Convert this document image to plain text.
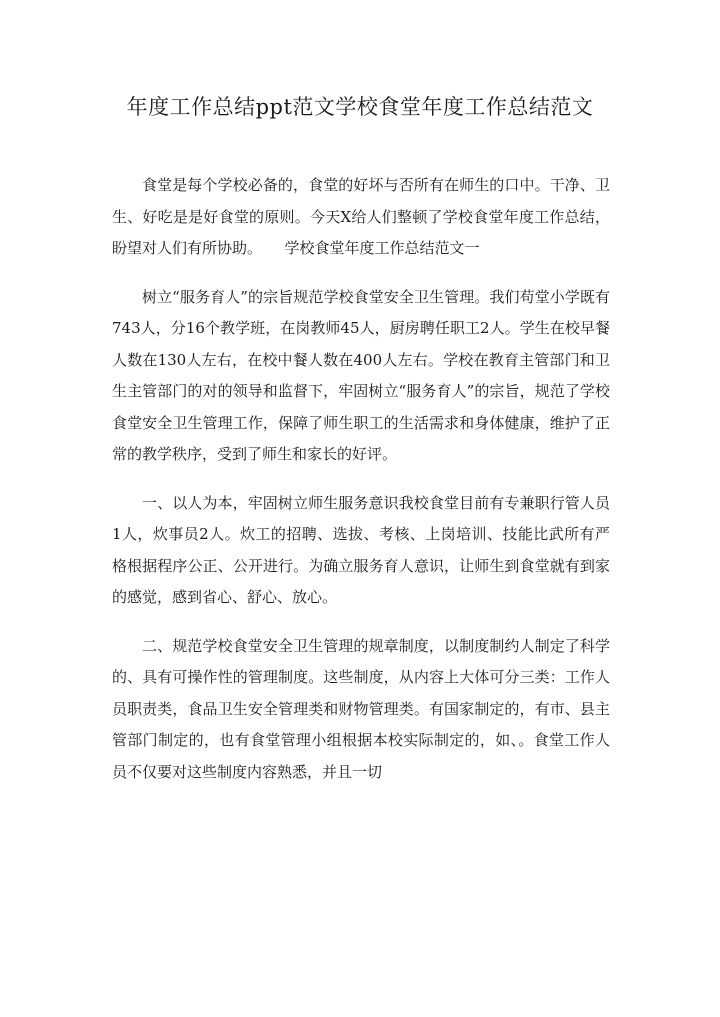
年度工作总结ppt范文学校食堂年度工作总结范文

食堂是每个学校必备的，食堂的好坏与否所有在师生的口中。干净、卫生、好吃是是好食堂的原则。今天X给人们整顿了学校食堂年度工作总结，盼望对人们有所协助。　　学校食堂年度工作总结范文一

树立“服务育人”的宗旨规范学校食堂安全卫生管理。我们苟堂小学既有743人，分16个教学班，在岗教师45人，厨房聘任职工2人。学生在校早餐人数在130人左右，在校中餐人数在400人左右。学校在教育主管部门和卫生主管部门的对的领导和监督下，牢固树立“服务育人”的宗旨，规范了学校食堂安全卫生管理工作，保障了师生职工的生活需求和身体健康，维护了正常的教学秩序，受到了师生和家长的好评。

一、以人为本，牢固树立师生服务意识我校食堂目前有专兼职行管人员1人，炊事员2人。炊工的招聘、选拔、考核、上岗培训、技能比武所有严格根据程序公正、公开进行。为确立服务育人意识，让师生到食堂就有到家的感觉，感到省心、舒心、放心。

二、规范学校食堂安全卫生管理的规章制度，以制度制约人制定了科学的、具有可操作性的管理制度。这些制度，从内容上大体可分三类：工作人员职责类，食品卫生安全管理类和财物管理类。有国家制定的，有市、县主管部门制定的，也有食堂管理小组根据本校实际制定的，如、。食堂工作人员不仅要对这些制度内容熟悉，并且一切
